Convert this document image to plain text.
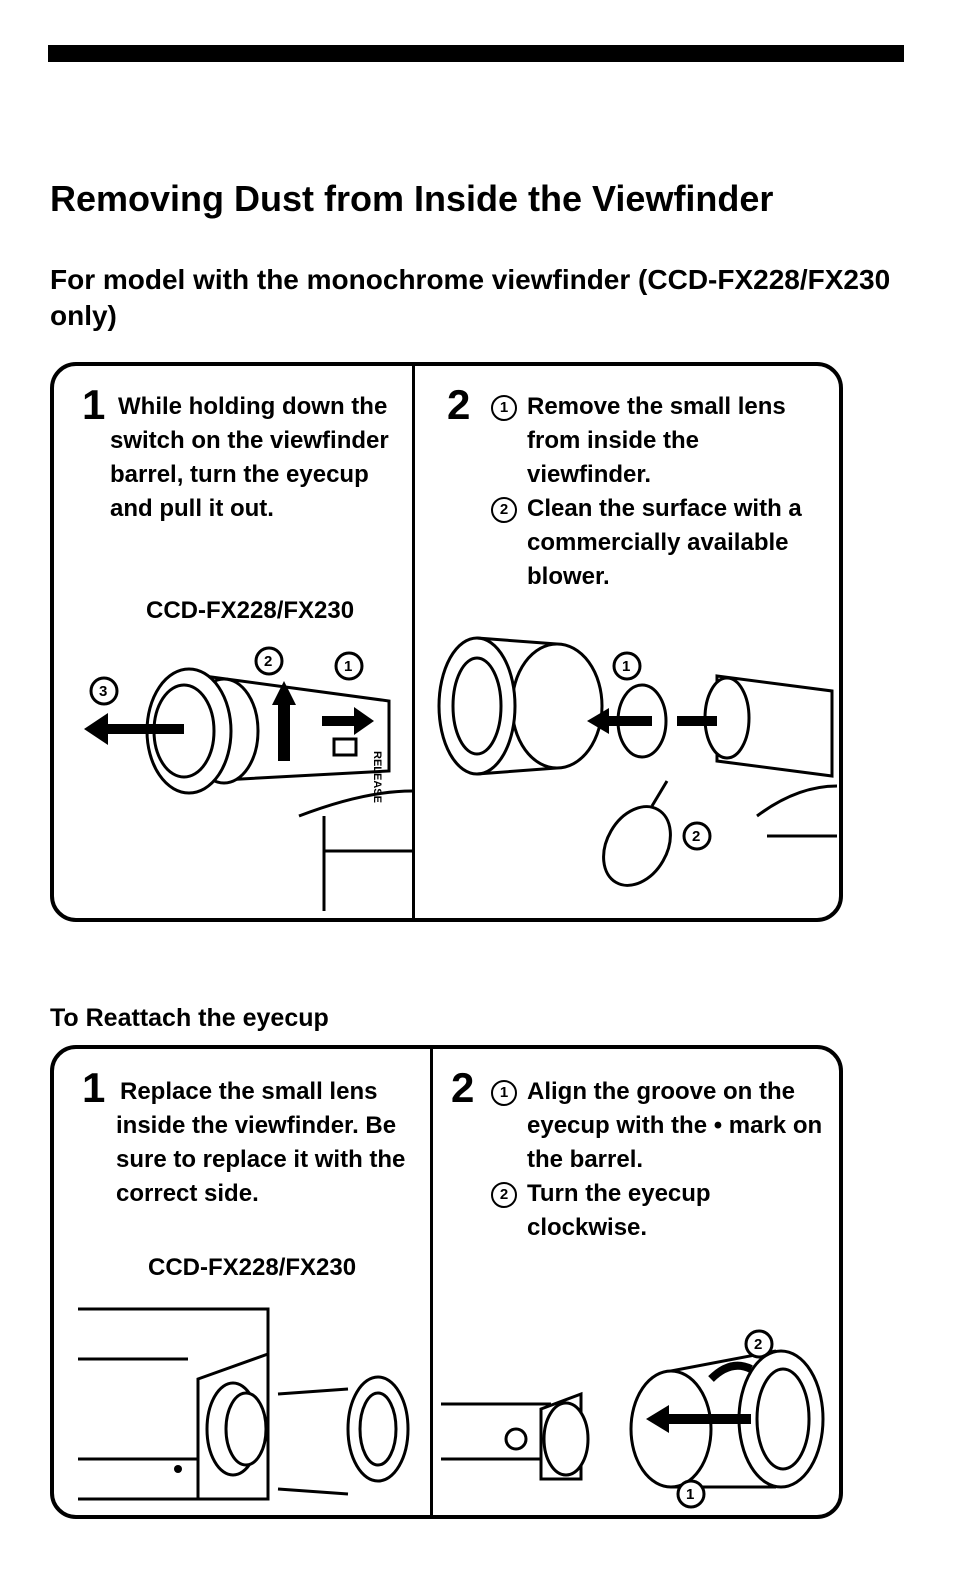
Removing Dust from Inside the Viewfinder
For model with the monochrome viewfinder (CCD-FX228/FX230 only)
1 While holding down the switch on the viewfinder barrel, turn the eyecup and pull it out.
CCD-FX228/FX230
2	1
3
RELEASE
2	1 Remove the small lens from inside the viewfinder.
2 Clean the surface with a commercially available blower.
1
2
To Reattach the eyecup
1 Replace the small lens inside the viewfinder. Be sure to replace it with the correct side.
CCD-FX228/FX230
2	1 Align the groove on the eyecup with the • mark on the barrel.
2 Turn the eyecup clockwise.
2
1
